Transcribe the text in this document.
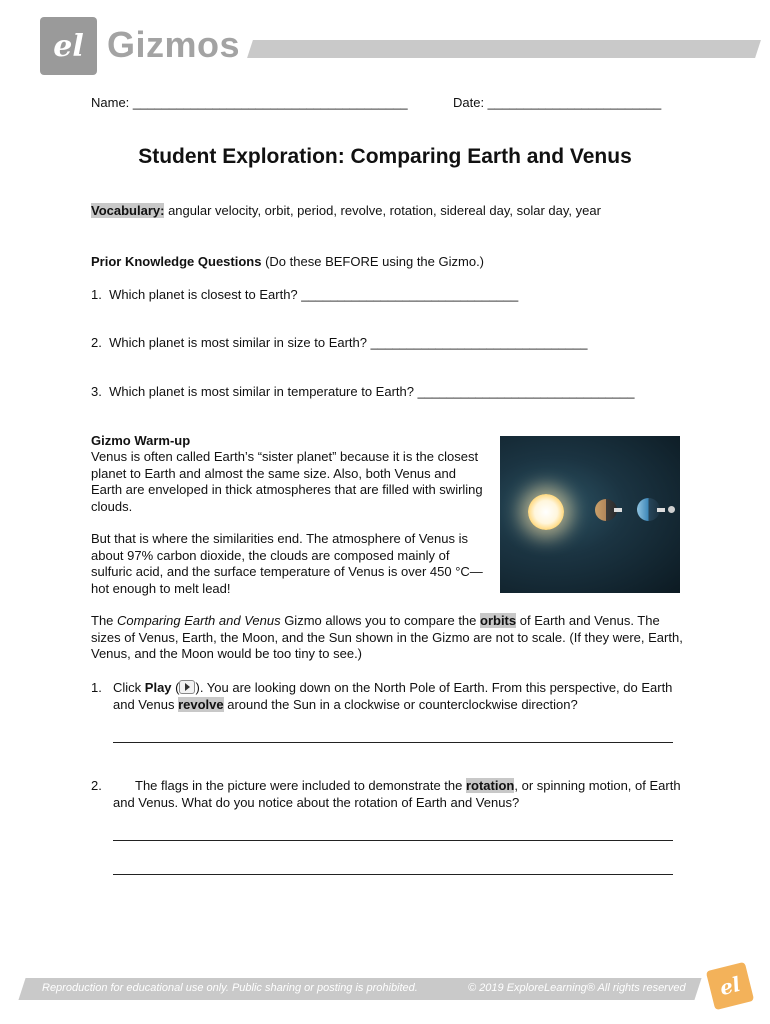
el Gizmos
Name: ______________________________________	Date: ________________________
Student Exploration: Comparing Earth and Venus
Vocabulary: angular velocity, orbit, period, revolve, rotation, sidereal day, solar day, year
Prior Knowledge Questions (Do these BEFORE using the Gizmo.)
1. Which planet is closest to Earth? ______________________________
2. Which planet is most similar in size to Earth? ______________________________
3. Which planet is most similar in temperature to Earth? ______________________________
Gizmo Warm-up
Venus is often called Earth’s “sister planet” because it is the closest planet to Earth and almost the same size. Also, both Venus and Earth are enveloped in thick atmospheres that are filled with swirling clouds.
But that is where the similarities end. The atmosphere of Venus is about 97% carbon dioxide, the clouds are composed mainly of sulfuric acid, and the surface temperature of Venus is over 450 °C—hot enough to melt lead!
The Comparing Earth and Venus Gizmo allows you to compare the orbits of Earth and Venus. The sizes of Venus, Earth, the Moon, and the Sun shown in the Gizmo are not to scale. (If they were, Earth, Venus, and the Moon would be too tiny to see.)
1. Click Play ( ). You are looking down on the North Pole of Earth. From this perspective, do Earth and Venus revolve around the Sun in a clockwise or counterclockwise direction?
2.	The flags in the picture were included to demonstrate the rotation, or spinning motion, of Earth and Venus. What do you notice about the rotation of Earth and Venus?
Reproduction for educational use only. Public sharing or posting is prohibited.	© 2019 ExploreLearning® All rights reserved el
